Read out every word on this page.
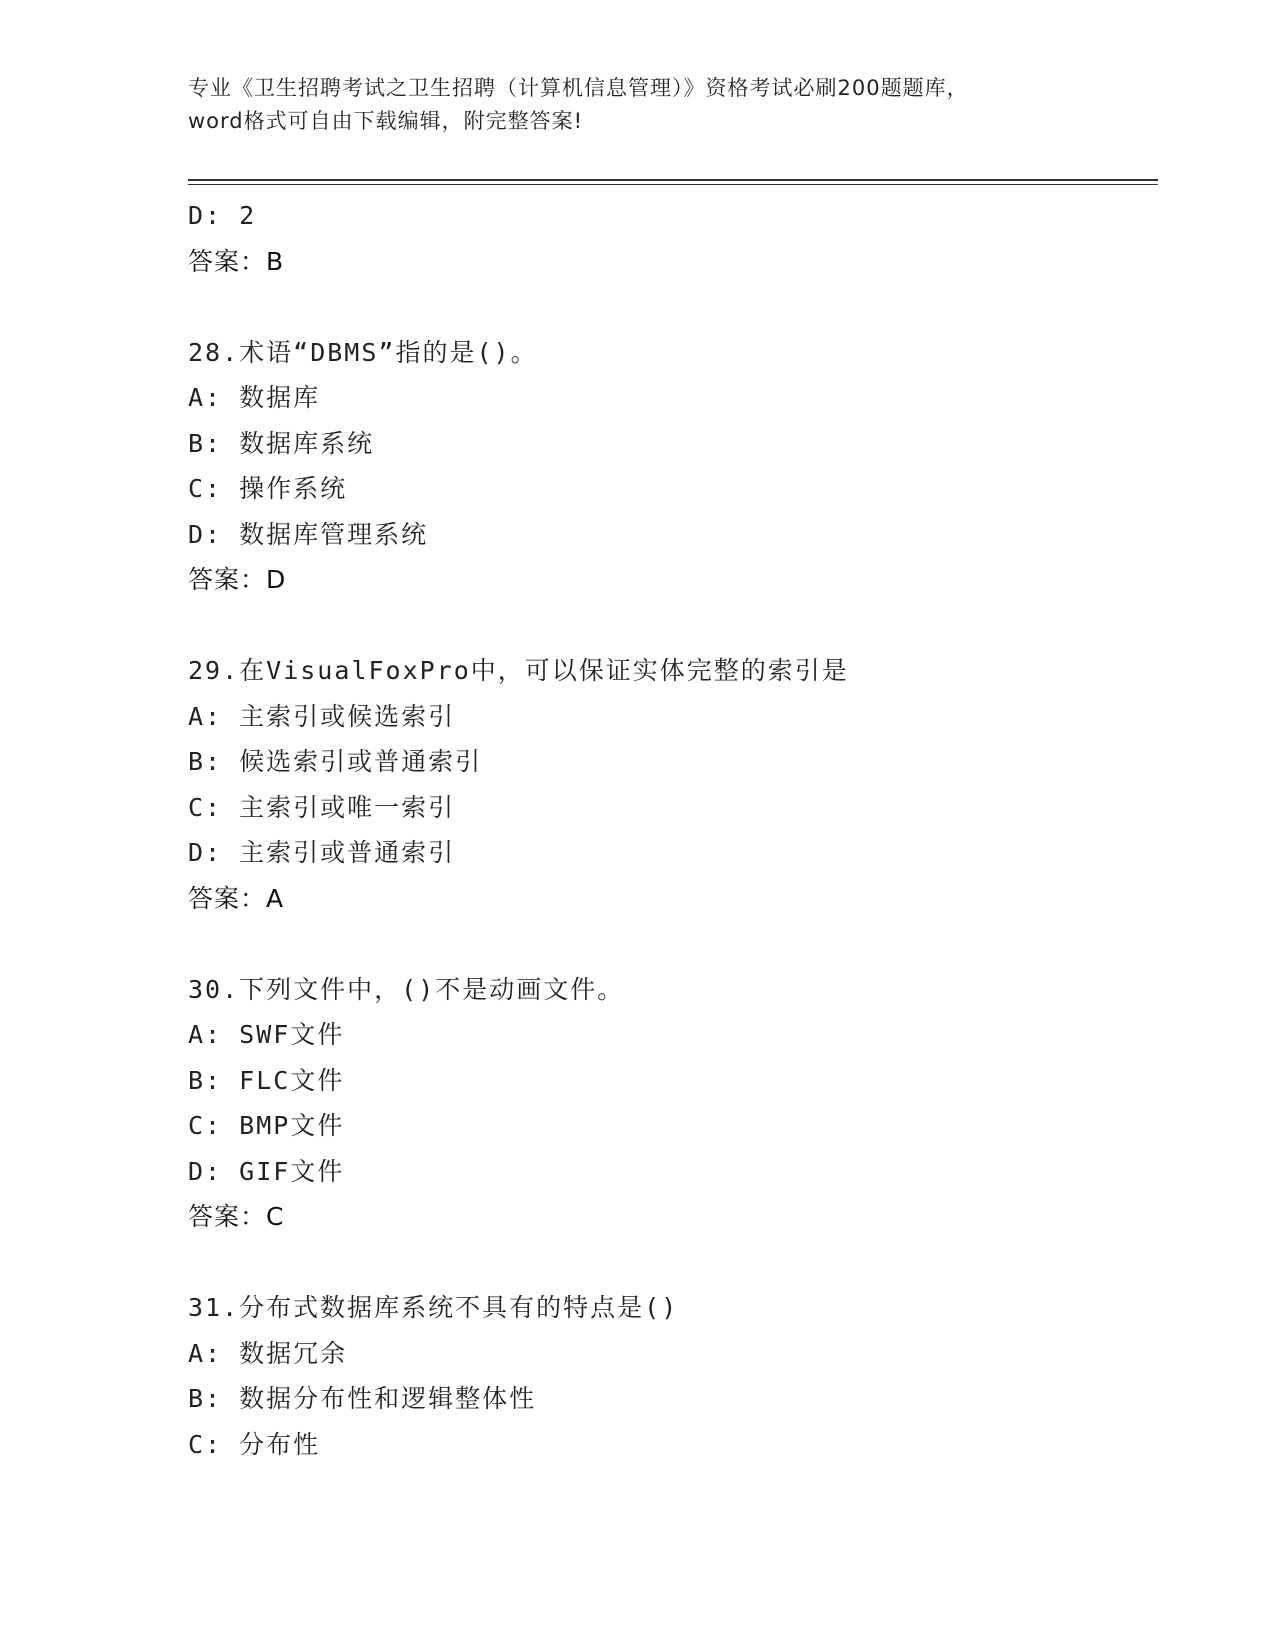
专业《卫生招聘考试之卫生招聘（计算机信息管理）》资格考试必刷200题题库，
word格式可自由下载编辑，附完整答案!
D: 2
答案：B
28.术语“DBMS”指的是()。
A: 数据库
B: 数据库系统
C: 操作系统
D: 数据库管理系统
答案：D
29.在VisualFoxPro中，可以保证实体完整的索引是
A: 主索引或候选索引
B: 候选索引或普通索引
C: 主索引或唯一索引
D: 主索引或普通索引
答案：A
30.下列文件中，()不是动画文件。
A: SWF文件
B: FLC文件
C: BMP文件
D: GIF文件
答案：C
31.分布式数据库系统不具有的特点是()
A: 数据冗余
B: 数据分布性和逻辑整体性
C: 分布性
